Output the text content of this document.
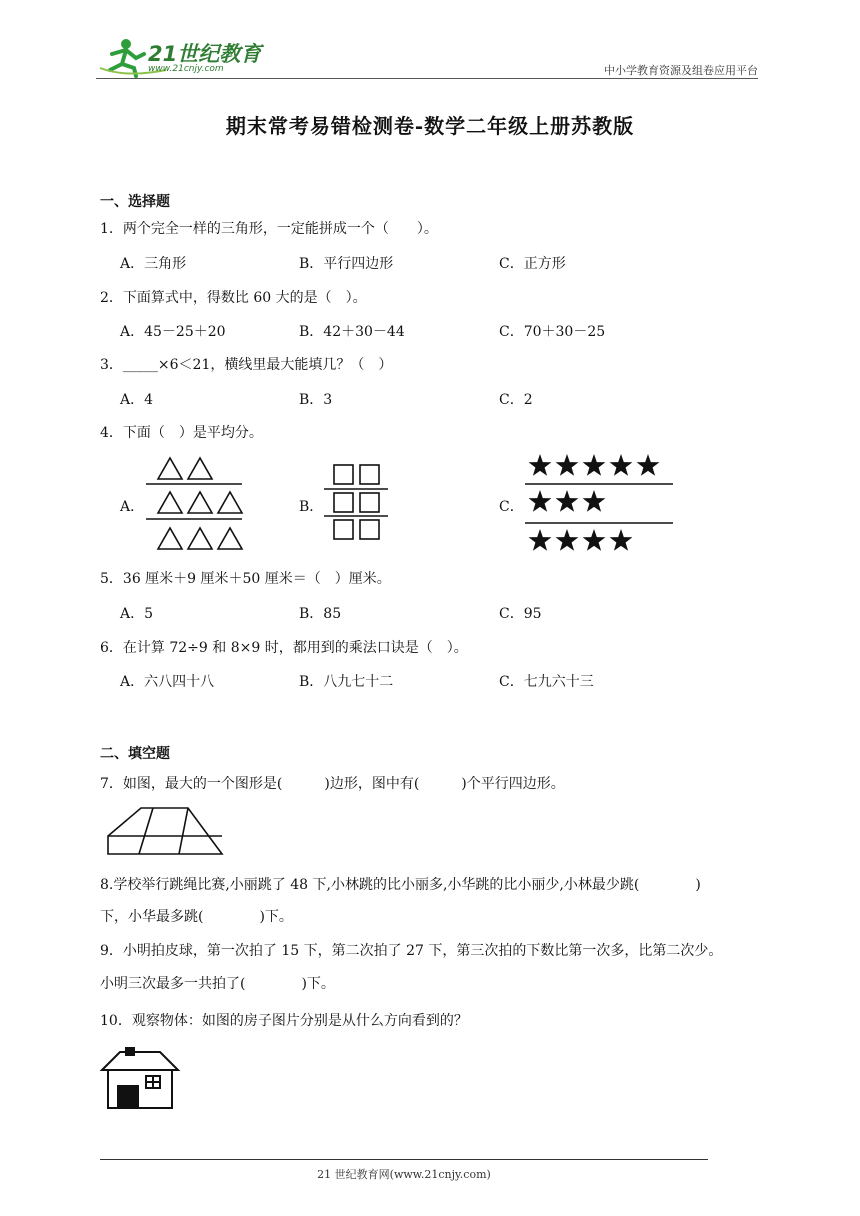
21世纪教育
www.21cnjy.com	中小学教育资源及组卷应用平台
期末常考易错检测卷-数学二年级上册苏教版
一、选择题
1．两个完全一样的三角形，一定能拼成一个（　　）。
A．三角形	B．平行四边形	C．正方形
2．下面算式中，得数比 60 大的是（　）。
A．45－25＋20	B．42＋30－44	C．70＋30－25
3．_____×6＜21，横线里最大能填几？（　）
A．4	B．3	C．2
4．下面（　）是平均分。
A．	B．	C．
5．36 厘米＋9 厘米＋50 厘米＝（　）厘米。
A．5	B．85	C．95
6．在计算 72÷9 和 8×9 时，都用到的乘法口诀是（　）。
A．六八四十八	B．八九七十二	C．七九六十三
二、填空题
7．如图，最大的一个图形是(　　　)边形，图中有(　　　)个平行四边形。
8.学校举行跳绳比赛,小丽跳了 48 下,小林跳的比小丽多,小华跳的比小丽少,小林最少跳(　　　　)
下，小华最多跳(　　　　)下。
9．小明拍皮球，第一次拍了 15 下，第二次拍了 27 下，第三次拍的下数比第一次多，比第二次少。
小明三次最多一共拍了(　　　　)下。
10．观察物体：如图的房子图片分别是从什么方向看到的？
21 世纪教育网(www.21cnjy.com)
